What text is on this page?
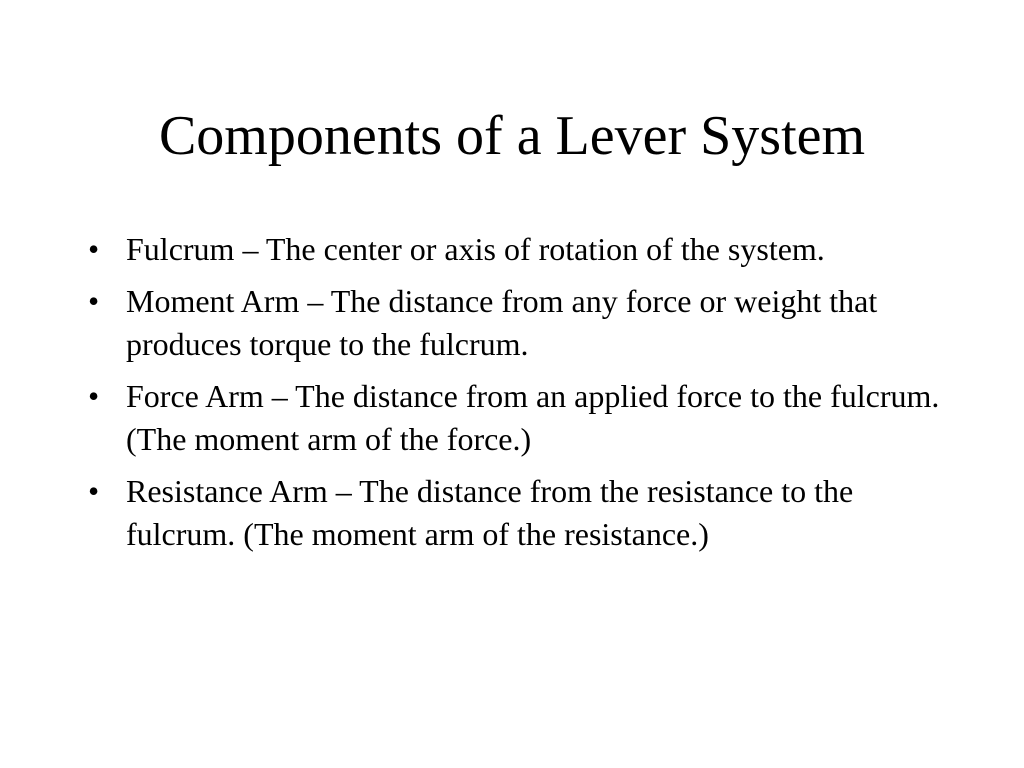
Components of a Lever System
• Fulcrum – The center or axis of rotation of the system.
• Moment Arm – The distance from any force or weight that produces torque to the fulcrum.
• Force Arm – The distance from an applied force to the fulcrum. (The moment arm of the force.)
• Resistance Arm – The distance from the resistance to the fulcrum. (The moment arm of the resistance.)
